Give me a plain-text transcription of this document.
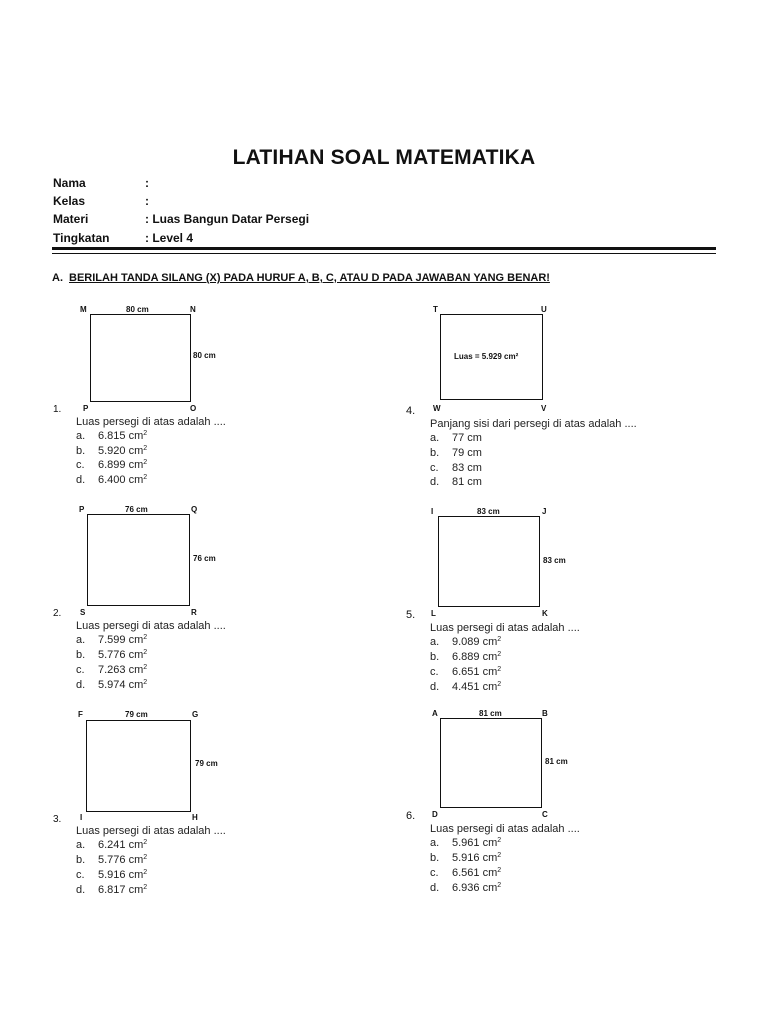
LATIHAN SOAL MATEMATIKA
Nama	:
Kelas	:
Materi	: Luas Bangun Datar Persegi
Tingkatan	: Level 4
A. BERILAH TANDA SILANG (X) PADA HURUF A, B, C, ATAU D PADA JAWABAN YANG BENAR!
M	N
P	O
80 cm
80 cm
1.
Luas persegi di atas adalah ....
a. 6.815 $cm^2$
b. 5.920 $cm^2$
c. 6.899 $cm^2$
d. 6.400 $cm^2$
P	Q
S	R
76 cm
76 cm
2.
Luas persegi di atas adalah ....
a. 7.599 $cm^2$
b. 5.776 $cm^2$
c. 7.263 $cm^2$
d. 5.974 $cm^2$
F	G
I	H
79 cm
79 cm
3.
Luas persegi di atas adalah ....
a. 6.241 $cm^2$
b. 5.776 $cm^2$
c. 5.916 $cm^2$
d. 6.817 $cm^2$
T	U
W	V
Luas = 5.929 cm²
4.
Panjang sisi dari persegi di atas adalah ....
a. 77 cm
b. 79 cm
c. 83 cm
d. 81 cm
I	J
L	K
83 cm
83 cm
5.
Luas persegi di atas adalah ....
a. 9.089 $cm^2$
b. 6.889 $cm^2$
c. 6.651 $cm^2$
d. 4.451 $cm^2$
A	B
D	C
81 cm
81 cm
6.
Luas persegi di atas adalah ....
a. 5.961 $cm^2$
b. 5.916 $cm^2$
c. 6.561 $cm^2$
d. 6.936 $cm^2$
